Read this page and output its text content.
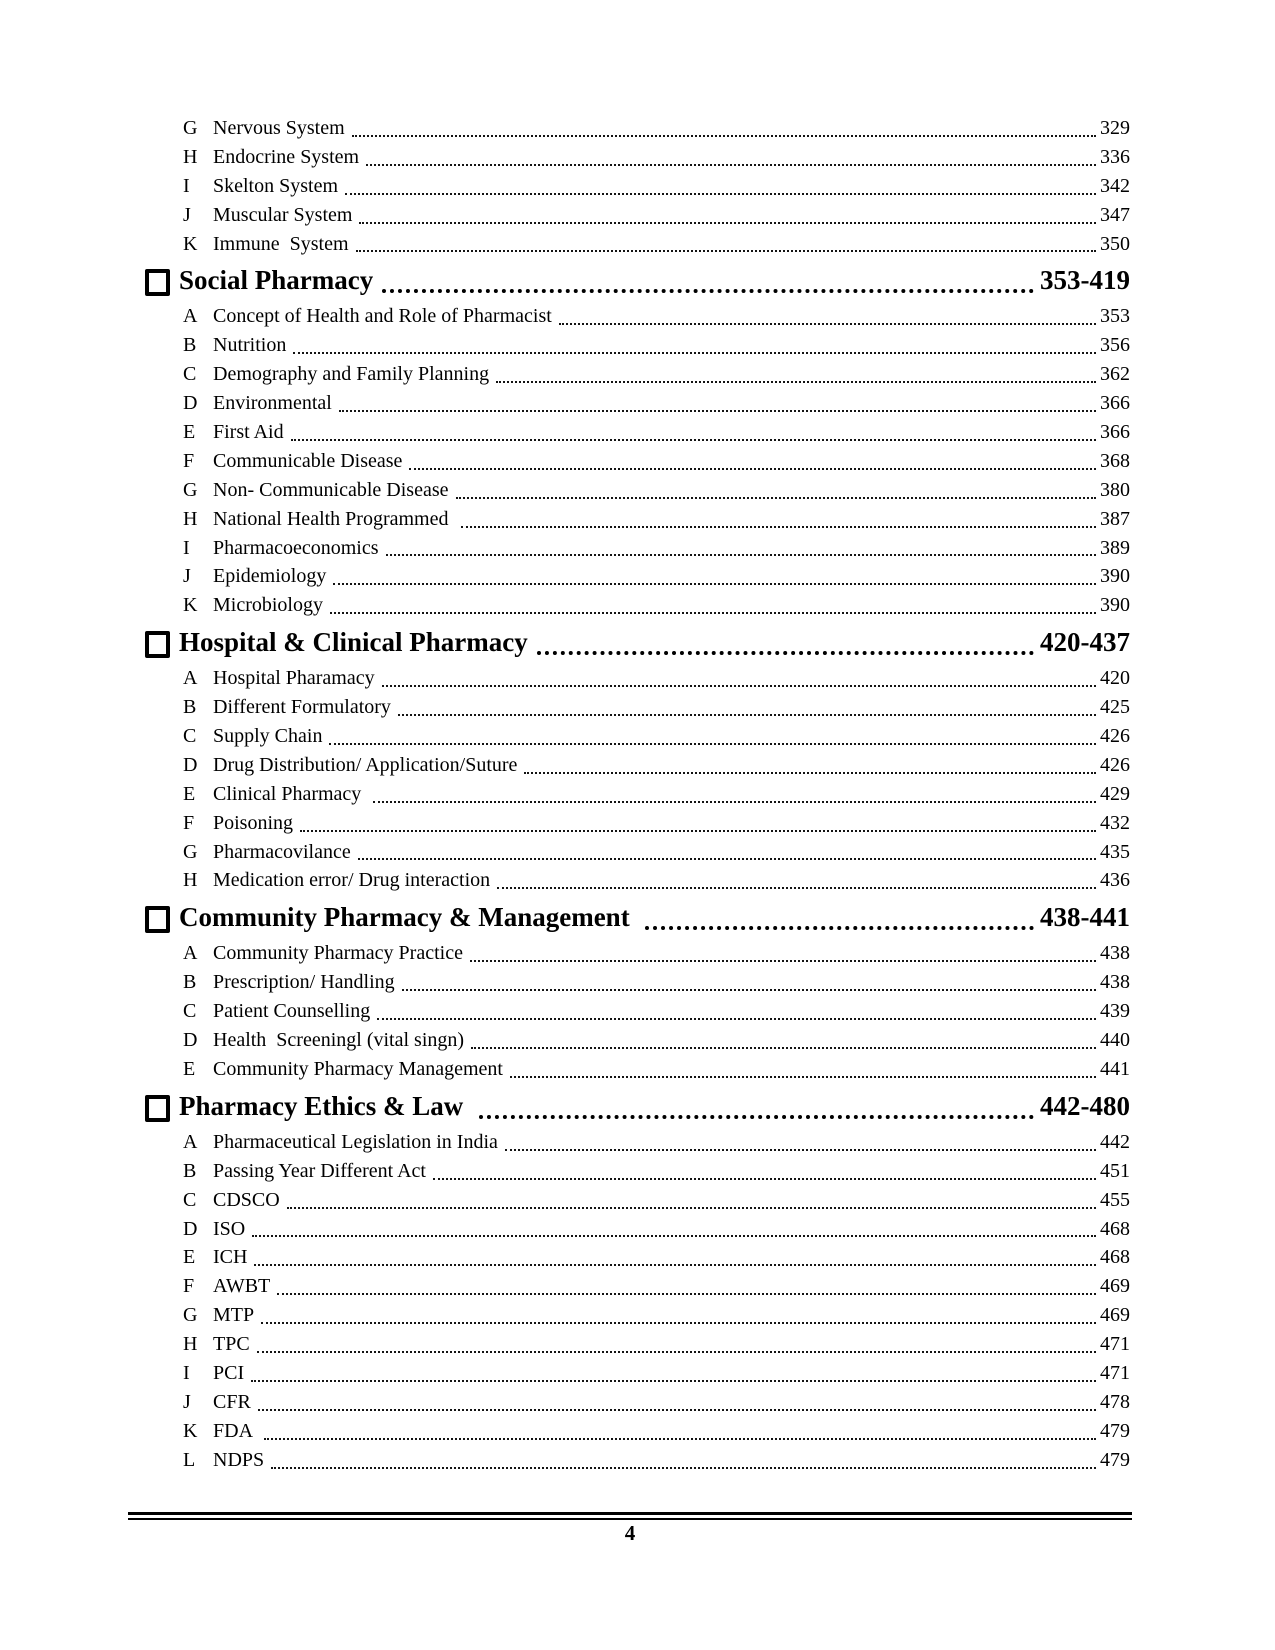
G Nervous System	329
H Endocrine System	336
I	Skelton System	342
J	Muscular System	347
K Immune  System	350
Social Pharmacy	353-419
A Concept of Health and Role of Pharmacist	353
B Nutrition	356
C Demography and Family Planning	362
D Environmental	366
E First Aid	366
F Communicable Disease	368
G Non- Communicable Disease	380
H National Health Programmed	387
I	Pharmacoeconomics	389
J	Epidemiology	390
K Microbiology	390
Hospital & Clinical Pharmacy	420-437
A Hospital Pharamacy	420
B Different Formulatory	425
C Supply Chain	426
D Drug Distribution/ Application/Suture	426
E Clinical Pharmacy	429
F Poisoning	432
G Pharmacovilance	435
H Medication error/ Drug interaction	436
Community Pharmacy & Management	438-441
A Community Pharmacy Practice	438
B Prescription/ Handling	438
C Patient Counselling	439
D Health  Screeningl (vital singn)	440
E Community Pharmacy Management	441
Pharmacy Ethics & Law	442-480
A Pharmaceutical Legislation in India	442
B Passing Year Different Act	451
C CDSCO	455
D ISO	468
E ICH	468
F AWBT	469
G MTP	469
H TPC	471
I	PCI	471
J	CFR	478
K FDA	479
L NDPS	479
4
